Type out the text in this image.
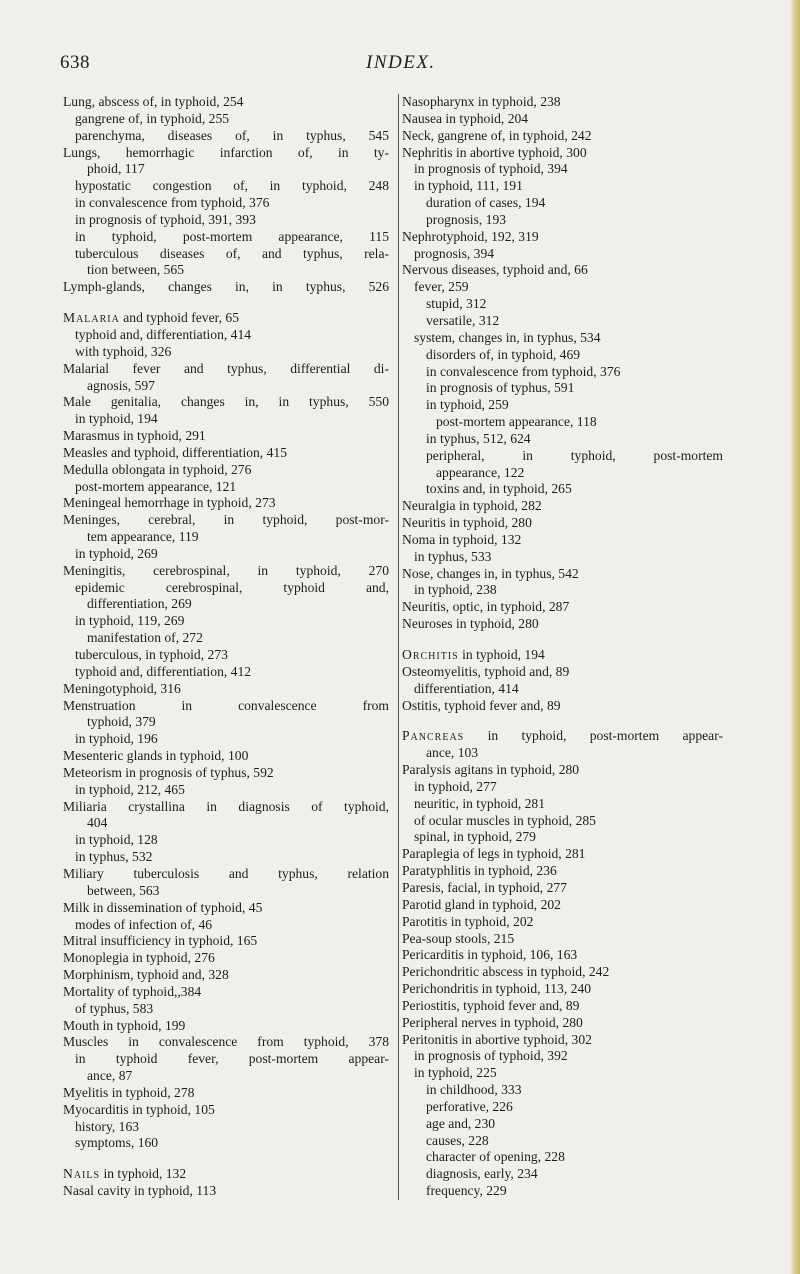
638	INDEX.
Lung, abscess of, in typhoid, 254
gangrene of, in typhoid, 255
parenchyma, diseases of, in typhus, 545
Lungs, hemorrhagic infarction of, in ty-
phoid, 117
hypostatic congestion of, in typhoid, 248
in convalescence from typhoid, 376
in prognosis of typhoid, 391, 393
in typhoid, post-mortem appearance, 115
tuberculous diseases of, and typhus, rela-
tion between, 565
Lymph-glands, changes in, in typhus, 526
Malaria and typhoid fever, 65
typhoid and, differentiation, 414
with typhoid, 326
Malarial fever and typhus, differential di-
agnosis, 597
Male genitalia, changes in, in typhus, 550
in typhoid, 194
Marasmus in typhoid, 291
Measles and typhoid, differentiation, 415
Medulla oblongata in typhoid, 276
post-mortem appearance, 121
Meningeal hemorrhage in typhoid, 273
Meninges, cerebral, in typhoid, post-mor-
tem appearance, 119
in typhoid, 269
Meningitis, cerebrospinal, in typhoid, 270
epidemic cerebrospinal, typhoid and,
differentiation, 269
in typhoid, 119, 269
manifestation of, 272
tuberculous, in typhoid, 273
typhoid and, differentiation, 412
Meningotyphoid, 316
Menstruation in convalescence from
typhoid, 379
in typhoid, 196
Mesenteric glands in typhoid, 100
Meteorism in prognosis of typhus, 592
in typhoid, 212, 465
Miliaria crystallina in diagnosis of typhoid,
404
in typhoid, 128
in typhus, 532
Miliary tuberculosis and typhus, relation
between, 563
Milk in dissemination of typhoid, 45
modes of infection of, 46
Mitral insufficiency in typhoid, 165
Monoplegia in typhoid, 276
Morphinism, typhoid and, 328
Mortality of typhoid,,384
of typhus, 583
Mouth in typhoid, 199
Muscles in convalescence from typhoid, 378
in typhoid fever, post-mortem appear-
ance, 87
Myelitis in typhoid, 278
Myocarditis in typhoid, 105
history, 163
symptoms, 160
Nails in typhoid, 132
Nasal cavity in typhoid, 113
Nasopharynx in typhoid, 238
Nausea in typhoid, 204
Neck, gangrene of, in typhoid, 242
Nephritis in abortive typhoid, 300
in prognosis of typhoid, 394
in typhoid, 111, 191
duration of cases, 194
prognosis, 193
Nephrotyphoid, 192, 319
prognosis, 394
Nervous diseases, typhoid and, 66
fever, 259
stupid, 312
versatile, 312
system, changes in, in typhus, 534
disorders of, in typhoid, 469
in convalescence from typhoid, 376
in prognosis of typhus, 591
in typhoid, 259
post-mortem appearance, 118
in typhus, 512, 624
peripheral, in typhoid, post-mortem
appearance, 122
toxins and, in typhoid, 265
Neuralgia in typhoid, 282
Neuritis in typhoid, 280
Noma in typhoid, 132
in typhus, 533
Nose, changes in, in typhus, 542
in typhoid, 238
Neuritis, optic, in typhoid, 287
Neuroses in typhoid, 280
Orchitis in typhoid, 194
Osteomyelitis, typhoid and, 89
differentiation, 414
Ostitis, typhoid fever and, 89
Pancreas in typhoid, post-mortem appear-
ance, 103
Paralysis agitans in typhoid, 280
in typhoid, 277
neuritic, in typhoid, 281
of ocular muscles in typhoid, 285
spinal, in typhoid, 279
Paraplegia of legs in typhoid, 281
Paratyphlitis in typhoid, 236
Paresis, facial, in typhoid, 277
Parotid gland in typhoid, 202
Parotitis in typhoid, 202
Pea-soup stools, 215
Pericarditis in typhoid, 106, 163
Perichondritic abscess in typhoid, 242
Perichondritis in typhoid, 113, 240
Periostitis, typhoid fever and, 89
Peripheral nerves in typhoid, 280
Peritonitis in abortive typhoid, 302
in prognosis of typhoid, 392
in typhoid, 225
in childhood, 333
perforative, 226
age and, 230
causes, 228
character of opening, 228
diagnosis, early, 234
frequency, 229
